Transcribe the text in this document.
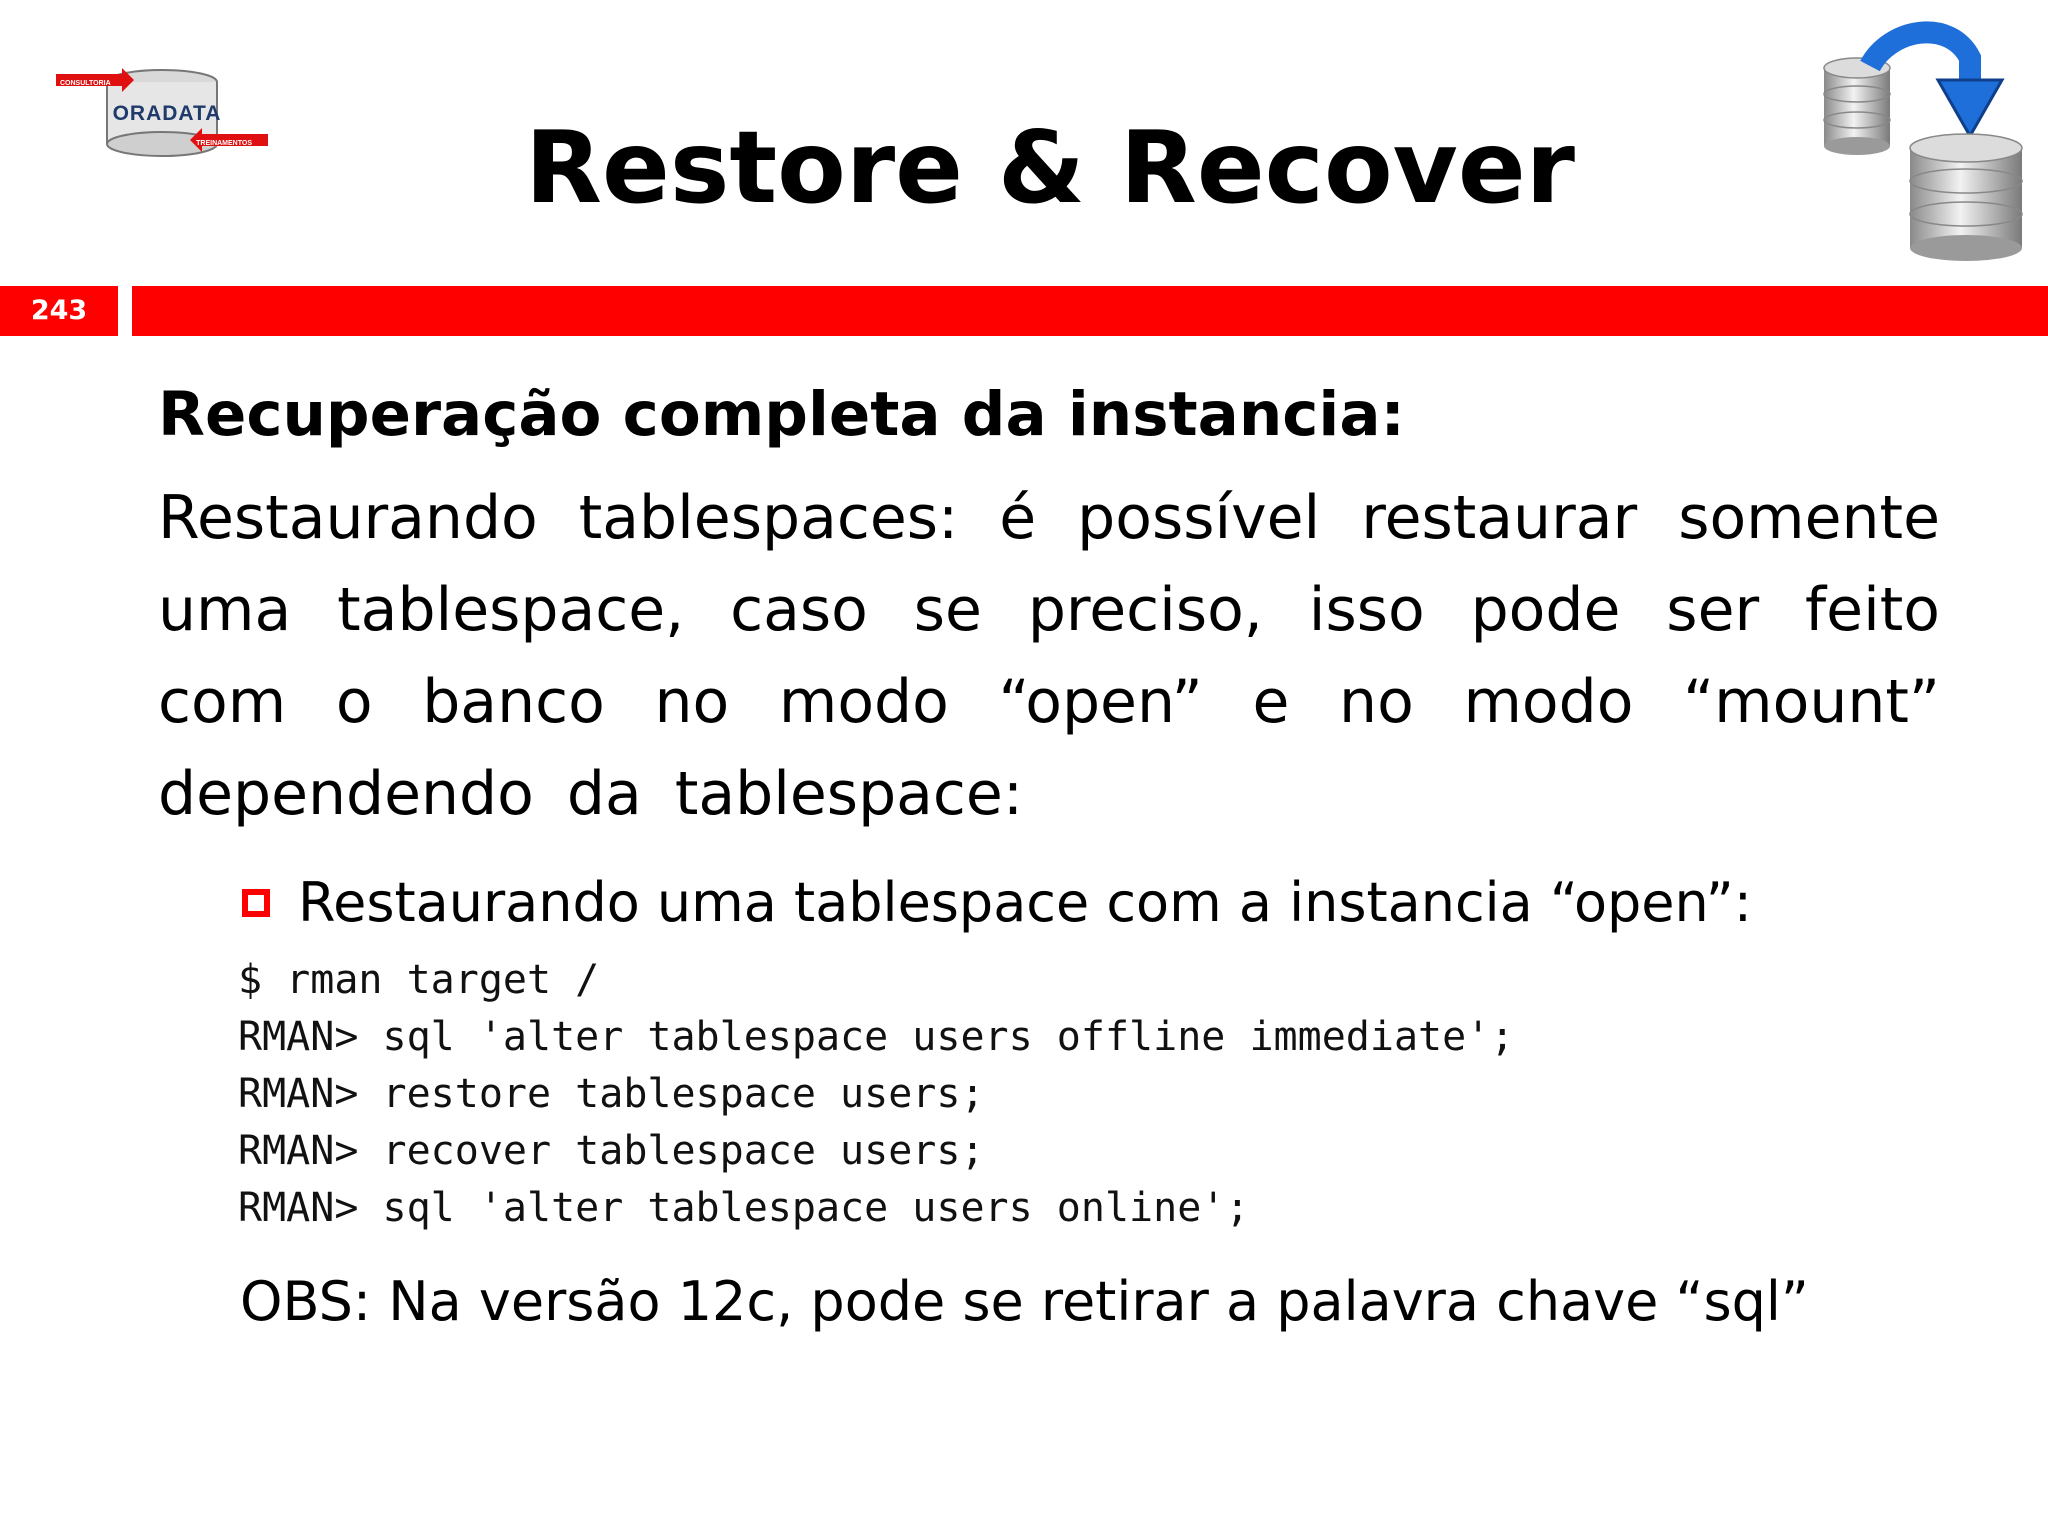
CONSULTORIA
ORADATA
TREINAMENTOS	Restore & Recover
243

Recuperação completa da instancia:

Restaurando tablespaces: é possível restaurar somente uma tablespace, caso se preciso, isso pode ser feito com o banco no modo “open” e no modo “mount” dependendo da tablespace:

Restaurando uma tablespace com a instancia “open”:
$ rman target /
RMAN> sql 'alter tablespace users offline immediate';
RMAN> restore tablespace users;
RMAN> recover tablespace users;
RMAN> sql 'alter tablespace users online';

OBS: Na versão 12c, pode se retirar a palavra chave “sql”
